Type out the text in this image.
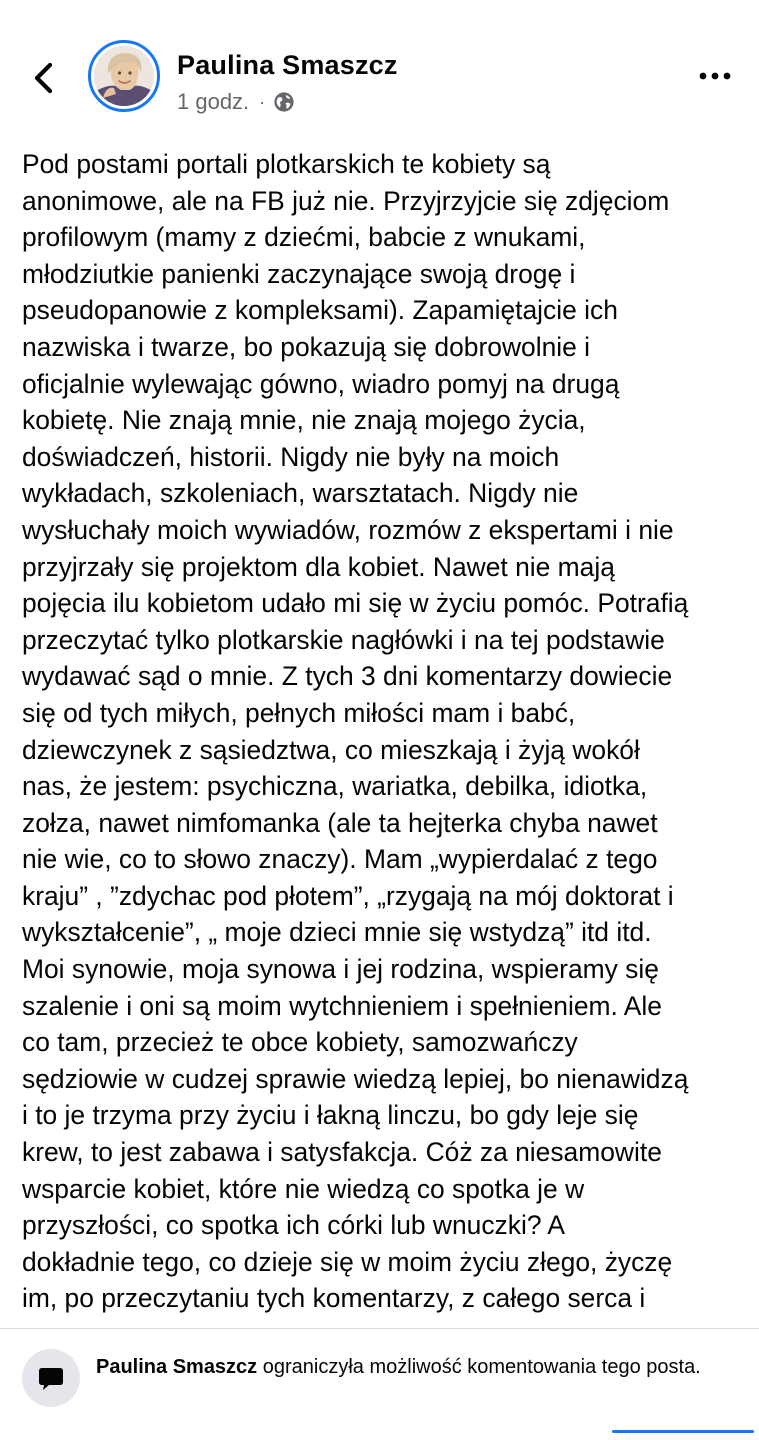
Paulina Smaszcz
1 godz. ·
Pod postami portali plotkarskich te kobiety są
anonimowe, ale na FB już nie. Przyjrzyjcie się zdjęciom
profilowym (mamy z dziećmi, babcie z wnukami,
młodziutkie panienki zaczynające swoją drogę i
pseudopanowie z kompleksami). Zapamiętajcie ich
nazwiska i twarze, bo pokazują się dobrowolnie i
oficjalnie wylewając gówno, wiadro pomyj na drugą
kobietę. Nie znają mnie, nie znają mojego życia,
doświadczeń, historii. Nigdy nie były na moich
wykładach, szkoleniach, warsztatach. Nigdy nie
wysłuchały moich wywiadów, rozmów z ekspertami i nie
przyjrzały się projektom dla kobiet. Nawet nie mają
pojęcia ilu kobietom udało mi się w życiu pomóc. Potrafią
przeczytać tylko plotkarskie nagłówki i na tej podstawie
wydawać sąd o mnie. Z tych 3 dni komentarzy dowiecie
się od tych miłych, pełnych miłości mam i babć,
dziewczynek z sąsiedztwa, co mieszkają i żyją wokół
nas, że jestem: psychiczna, wariatka, debilka, idiotka,
zołza, nawet nimfomanka (ale ta hejterka chyba nawet
nie wie, co to słowo znaczy). Mam „wypierdalać z tego
kraju” , ”zdychac pod płotem”, „rzygają na mój doktorat i
wykształcenie”, „ moje dzieci mnie się wstydzą” itd itd.
Moi synowie, moja synowa i jej rodzina, wspieramy się
szalenie i oni są moim wytchnieniem i spełnieniem. Ale
co tam, przecież te obce kobiety, samozwańczy
sędziowie w cudzej sprawie wiedzą lepiej, bo nienawidzą
i to je trzyma przy życiu i łakną linczu, bo gdy leje się
krew, to jest zabawa i satysfakcja. Cóż za niesamowite
wsparcie kobiet, które nie wiedzą co spotka je w
przyszłości, co spotka ich córki lub wnuczki? A
dokładnie tego, co dzieje się w moim życiu złego, życzę
im, po przeczytaniu tych komentarzy, z całego serca i
Paulina Smaszcz ograniczyła możliwość komentowania tego posta.
